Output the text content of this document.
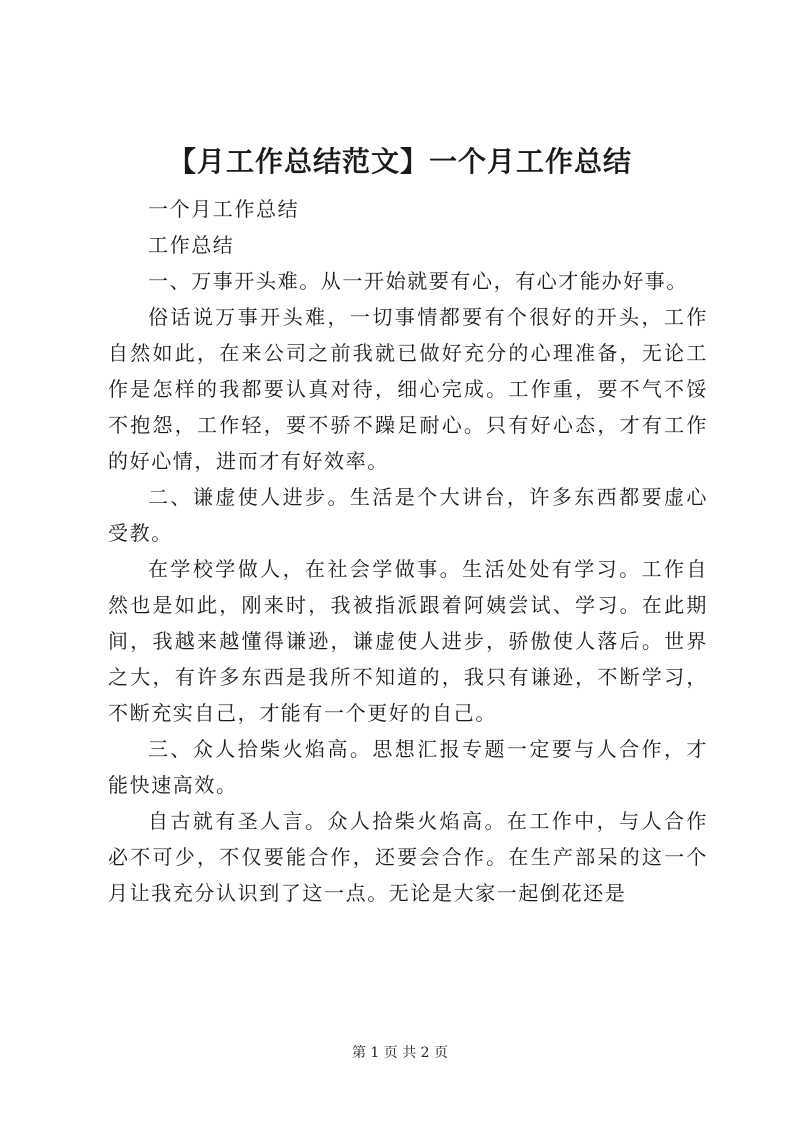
【月工作总结范文】一个月工作总结

一个月工作总结

工作总结

一、万事开头难。从一开始就要有心，有心才能办好事。

俗话说万事开头难，一切事情都要有个很好的开头，工作自然如此，在来公司之前我就已做好充分的心理准备，无论工作是怎样的我都要认真对待，细心完成。工作重，要不气不馁不抱怨，工作轻，要不骄不躁足耐心。只有好心态，才有工作的好心情，进而才有好效率。

二、谦虚使人进步。生活是个大讲台，许多东西都要虚心受教。

在学校学做人，在社会学做事。生活处处有学习。工作自然也是如此，刚来时，我被指派跟着阿姨尝试、学习。在此期间，我越来越懂得谦逊，谦虚使人进步，骄傲使人落后。世界之大，有许多东西是我所不知道的，我只有谦逊，不断学习，不断充实自己，才能有一个更好的自己。

三、众人拾柴火焰高。思想汇报专题一定要与人合作，才能快速高效。

自古就有圣人言。众人拾柴火焰高。在工作中，与人合作必不可少，不仅要能合作，还要会合作。在生产部呆的这一个月让我充分认识到了这一点。无论是大家一起倒花还是

第 1 页 共 2 页
